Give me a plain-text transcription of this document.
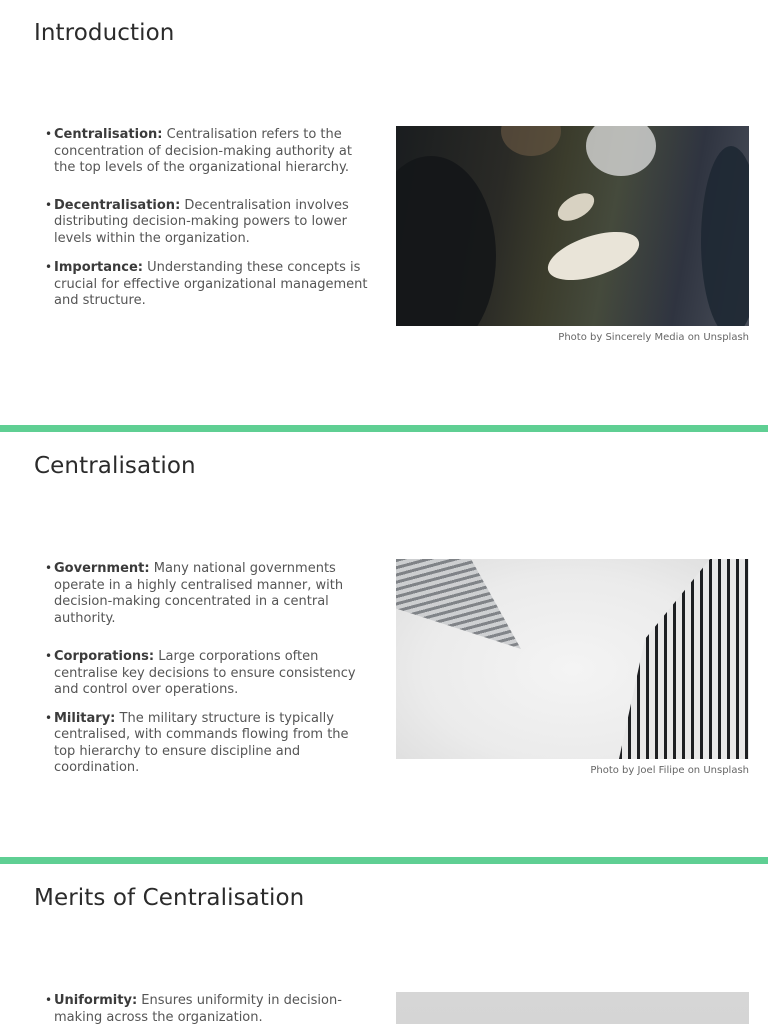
Introduction
• Centralisation: Centralisation refers to the concentration of decision-making authority at the top levels of the organizational hierarchy.
• Decentralisation: Decentralisation involves distributing decision-making powers to lower levels within the organization.
• Importance: Understanding these concepts is crucial for effective organizational management and structure.
Photo by Sincerely Media on Unsplash
Centralisation
• Government: Many national governments operate in a highly centralised manner, with decision-making concentrated in a central authority.
• Corporations: Large corporations often centralise key decisions to ensure consistency and control over operations.
• Military: The military structure is typically centralised, with commands flowing from the top hierarchy to ensure discipline and coordination.	Photo by Joel Filipe on Unsplash
Merits of Centralisation
• Uniformity: Ensures uniformity in decision-making across the organization.
